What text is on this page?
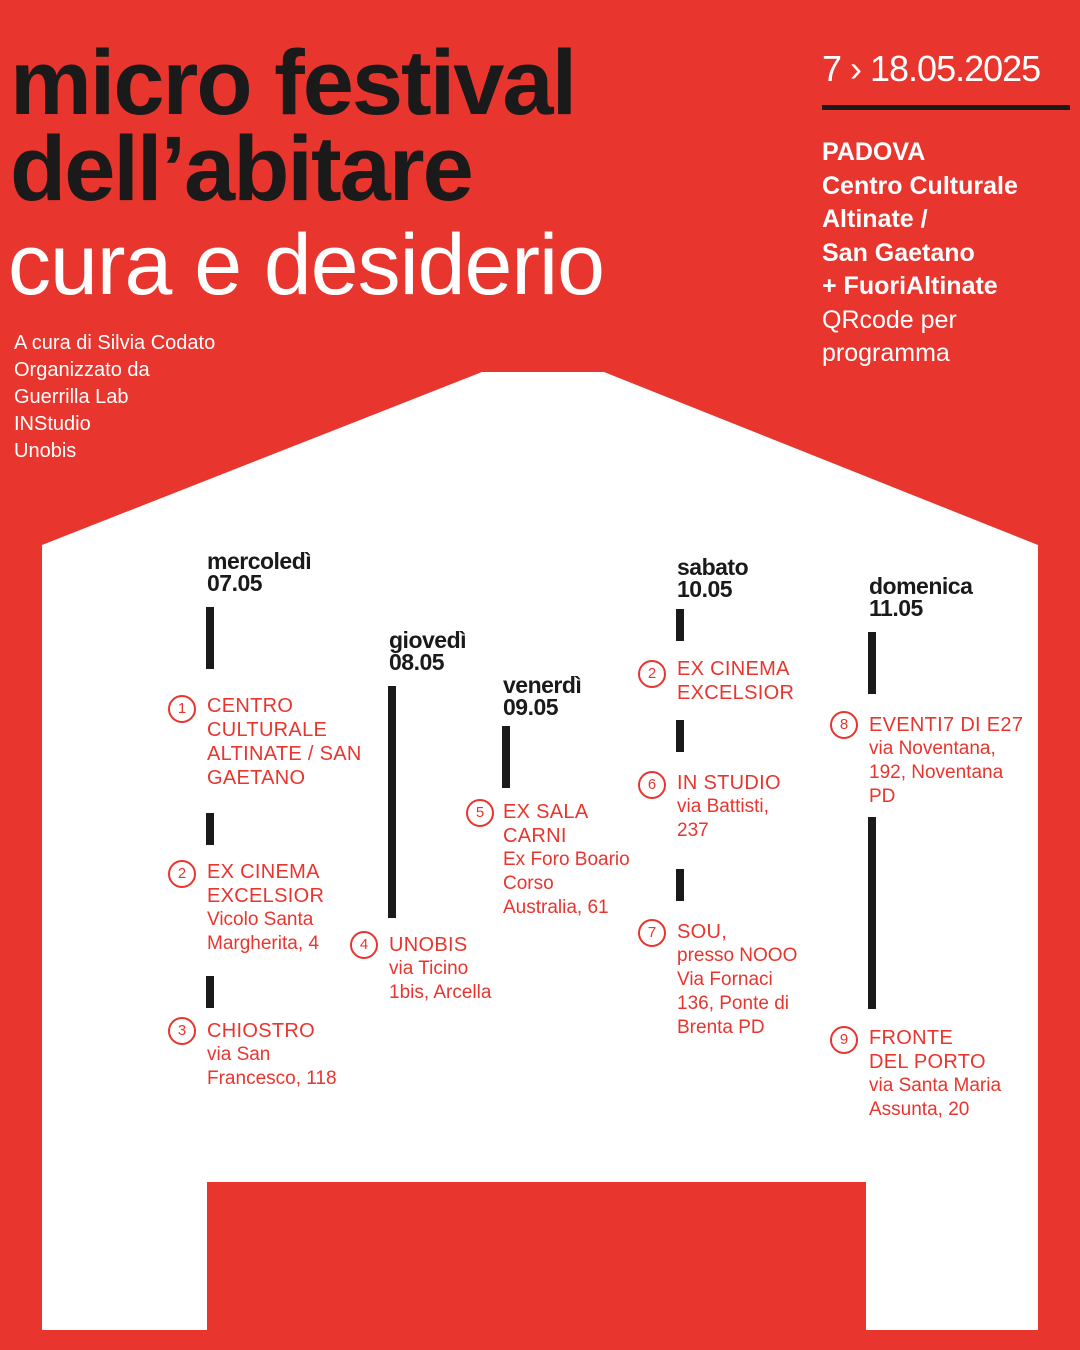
micro festival
dell’abitare
cura e desiderio
A cura di Silvia Codato
Organizzato da
Guerrilla Lab
INStudio
Unobis
7 › 18.05.2025
PADOVA
Centro Culturale
Altinate /
San Gaetano
+ FuoriAltinate
QRcode per
programma
mercoledì
07.05
giovedì
08.05
venerdì
09.05
sabato
10.05	domenica
11.05
1
2
3
4
5
2
6
7
8
9
CENTRO
CULTURALE
ALTINATE / SAN
GAETANO
EX CINEMA
EXCELSIOR
Vicolo Santa
Margherita, 4
CHIOSTRO
via San
Francesco, 118
UNOBIS
via Ticino
1bis, Arcella
EX SALA
CARNI
Ex Foro Boario
Corso
Australia, 61
EX CINEMA
EXCELSIOR
IN STUDIO
via Battisti,
237
SOU,
presso NOOO
Via Fornaci
136, Ponte di
Brenta PD
EVENTI7 DI E27
via Noventana,
192, Noventana
PD
FRONTE
DEL PORTO
via Santa Maria
Assunta, 20
